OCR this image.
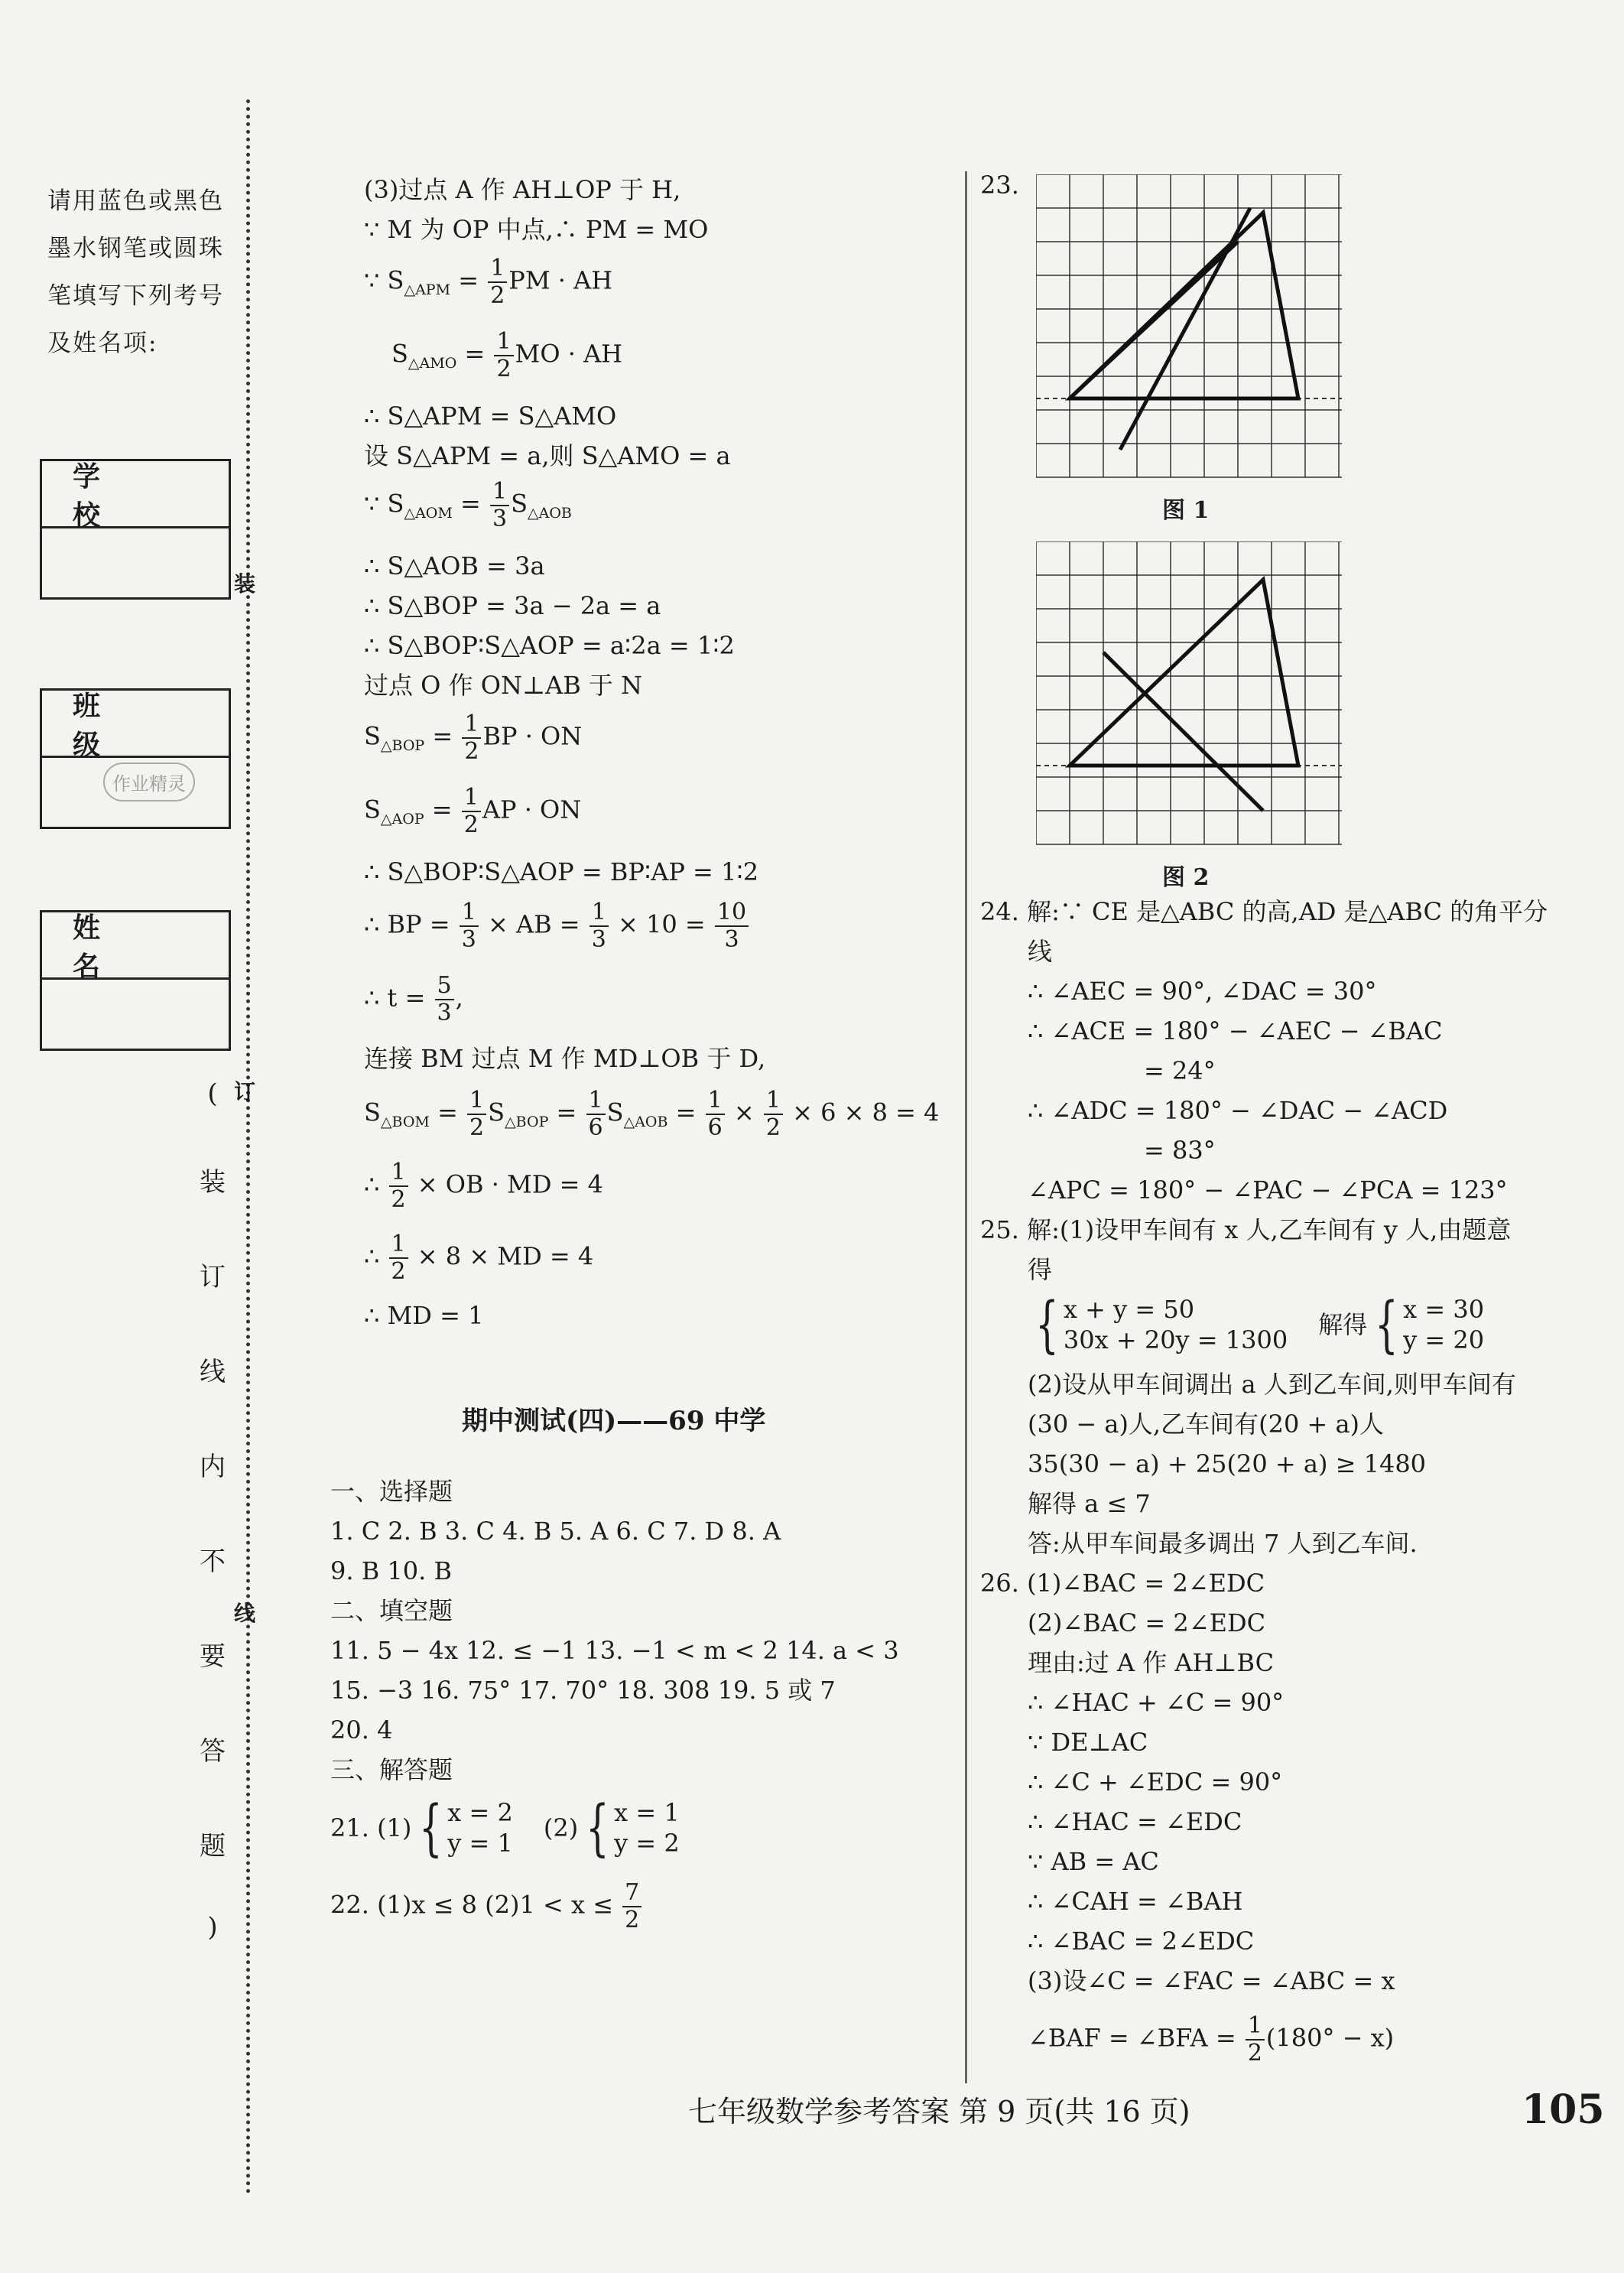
请用蓝色或黑色墨水钢笔或圆珠笔填写下列考号及姓名项:
学 校
班 级
作业精灵
姓 名
装
订
线
(
装
订
线
内
不
要
答
题
)
(3)过点 A 作 AH⊥OP 于 H,
∵ M 为 OP 中点,∴ PM = MO
∵ $S_{\triangle APM} = \frac{1}{2}$ PM · AH
$S_{\triangle AMO} = \frac{1}{2}$ MO · AH
∴ S△APM = S△AMO
设 S△APM = a,则 S△AMO = a
∵ $S_{\triangle AOM} = \frac{1}{3} S_{\triangle AOB}$
∴ S△AOB = 3a
∴ S△BOP = 3a − 2a = a
∴ S△BOP∶S△AOP = a∶2a = 1∶2
过点 O 作 ON⊥AB 于 N
$S_{\triangle BOP} = \frac{1}{2}$ BP · ON
$S_{\triangle AOP} = \frac{1}{2}$ AP · ON
∴ S△BOP∶S△AOP = BP∶AP = 1∶2
∴ BP = $\frac{1}{3}$ × AB = $\frac{1}{3} \times 10 = \frac{10}{3}$
∴ $t = \frac{5}{3}$ ,
连接 BM 过点 M 作 MD⊥OB 于 D,
$S_{\triangle BOM} = \frac{1}{2} S_{\triangle BOP} = \frac{1}{6} S_{\triangle AOB} = \frac{1}{6} \times \frac{1}{2} \times 6 \times 8 = 4$
∴ $\frac{1}{2}$ × OB · MD = 4
∴ $\frac{1}{2} \times 8$ × MD = 4
∴ MD = 1
期中测试(四)——69 中学
一、选择题
1. C 2. B 3. C 4. B 5. A 6. C 7. D 8. A
9. B 10. B
二、填空题
11. 5 − 4x 12. ≤ −1 13. −1 < m < 2 14. a < 3
15. −3 16. 75° 17. 70° 18. 308 19. 5 或 7
20. 4
三、解答题
21. (1) { x = 2
y = 1
(2) { x = 1
y = 2
22. (1)x ≤ 8 $(2)1 < x \le \frac{7}{2}$
23.
图 1
图 2
24. 解:∵ CE 是△ABC 的高,AD 是△ABC 的角平分
线
∴ ∠AEC = 90°, ∠DAC = 30°
∴ ∠ACE = 180° − ∠AEC − ∠BAC
= 24°
∴ ∠ADC = 180° − ∠DAC − ∠ACD
= 83°
∠APC = 180° − ∠PAC − ∠PCA = 123°
25. 解:(1)设甲车间有 x 人,乙车间有 y 人,由题意
得
{ x + y = 50
30x + 20y = 1300
解得 { x = 30
y = 20
(2)设从甲车间调出 a 人到乙车间,则甲车间有
(30 − a)人,乙车间有(20 + a)人
35(30 − a) + 25(20 + a) ≥ 1480
解得 a ≤ 7
答:从甲车间最多调出 7 人到乙车间.
26. (1)∠BAC = 2∠EDC
(2)∠BAC = 2∠EDC
理由:过 A 作 AH⊥BC
∴ ∠HAC + ∠C = 90°
∵ DE⊥AC
∴ ∠C + ∠EDC = 90°
∴ ∠HAC = ∠EDC
∵ AB = AC
∴ ∠CAH = ∠BAH
∴ ∠BAC = 2∠EDC
(3)设∠C = ∠FAC = ∠ABC = x
∠BAF = ∠BFA = $\frac{1}{2} (180^\circ - x)$
七年级数学参考答案 第 9 页(共 16 页)	105
